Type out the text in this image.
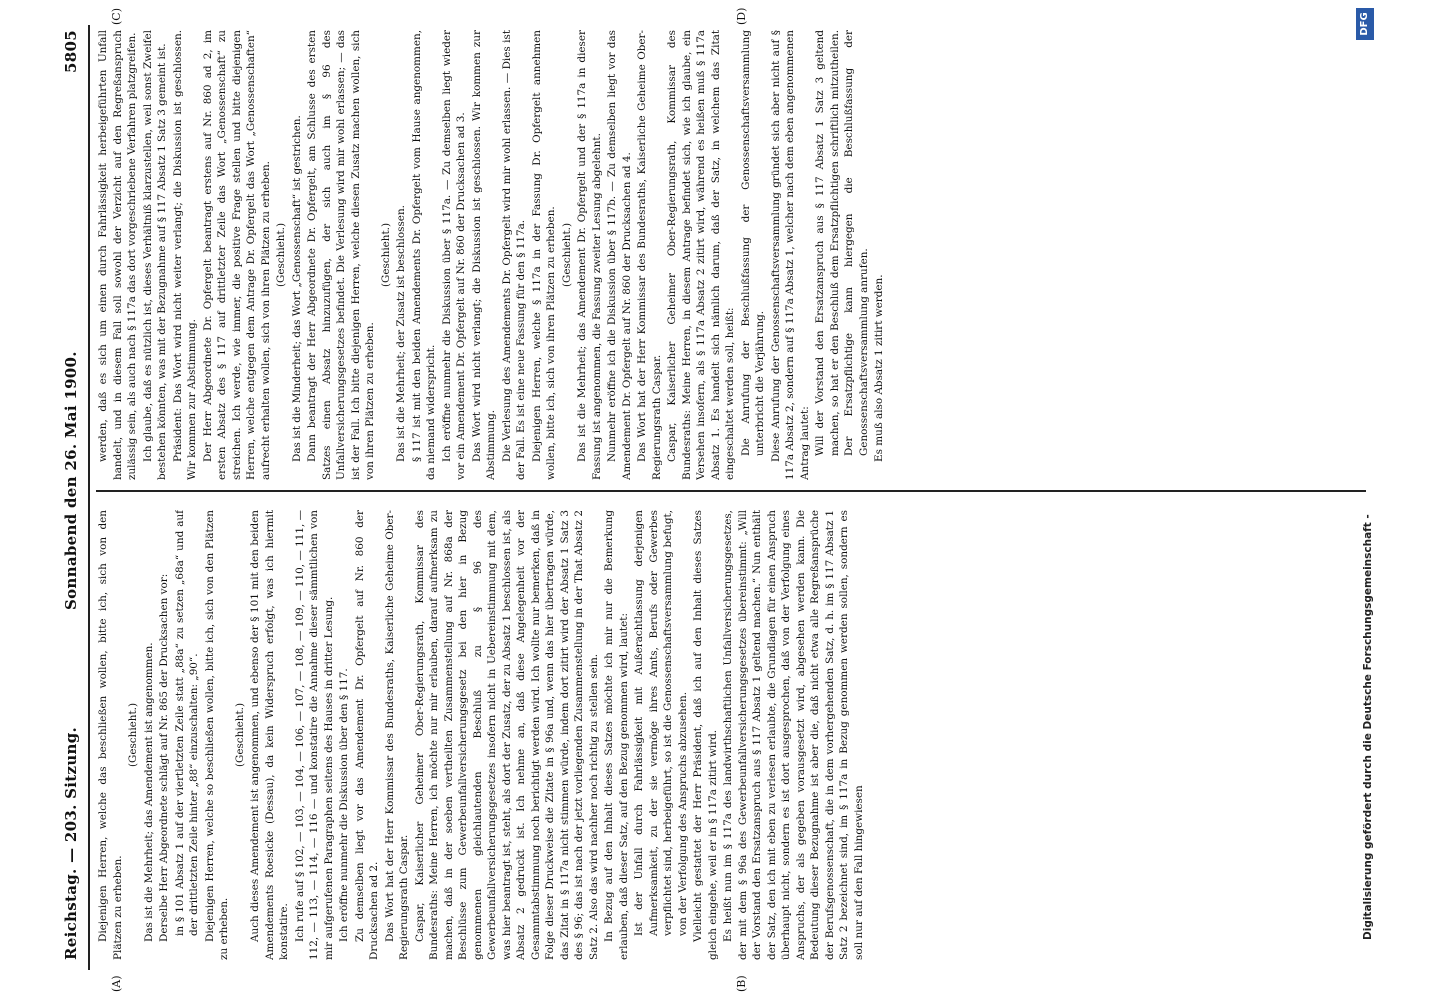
Reichstag. — 203. Sitzung.
Sonnabend den 26. Mai 1900.
5805
(A)	(B)
(C)	(D)

Diejenigen Herren, welche das beschließen wollen, bitte ich, sich von den Plätzen zu erheben.

(Geschieht.) Das ist die Mehrheit; das Amendement ist angenommen. Derselbe Herr Abgeordnete schlägt auf Nr. 865 der Drucksachen vor: in § 101 Absatz 1 auf der viertletzten Zeile statt „88a“ zu setzen „68a“ und auf der drittletzten Zeile hinter „88“ einzuschalten: „90“. Diejenigen Herren, welche so beschließen wollen, bitte ich, sich von den Plätzen zu erheben.

(Geschieht.) Auch dieses Amendement ist angenommen, und ebenso der § 101 mit den beiden Amendements Roesicke (Dessau), da kein Widerspruch erfolgt, was ich hiermit konstatire. Ich rufe auf § 102, — 103, — 104, — 106, — 107, — 108, — 109, — 110, — 111, — 112, — 113, — 114, — 116 — und konstatire die Annahme dieser sämmtlichen von mir aufgerufenen Paragraphen seitens des Hauses in dritter Lesung. Ich eröffne nunmehr die Diskussion über den § 117. Zu demselben liegt vor das Amendement Dr. Opfergelt auf Nr. 860 der Drucksachen ad 2. Das Wort hat der Herr Kommissar des Bundesraths, Kaiserliche Geheime Ober-Regierungsrath Caspar. Caspar, Kaiserlicher Geheimer Ober-Regierungsrath, Kommissar des Bundesraths: Meine Herren, ich möchte nur mir erlauben, darauf aufmerksam zu machen, daß in der soeben vertheilten Zusammenstellung auf Nr. 868a der Beschlüsse zum Gewerbeunfallversicherungsgesetz bei den hier in Bezug genommenen gleichlautenden Beschluß zu § 96 des Gewerbeunfallversicherungsgesetzes insofern nicht in Uebereinstimmung mit dem, was hier beantragt ist, steht, als dort der Zusatz, der zu Absatz 1 beschlossen ist, als Absatz 2 gedruckt ist. Ich nehme an, daß diese Angelegenheit vor der Gesammtabstimmung noch berichtigt werden wird. Ich wollte nur bemerken, daß in Folge dieser Druckweise die Zitate in § 96a und, wenn das hier übertragen würde, das Zitat in § 117a nicht stimmen würde, indem dort zitirt wird der Absatz 1 Satz 3 des § 96; das ist nach der jetzt vorliegenden Zusammenstellung in der That Absatz 2 Satz 2. Also das wird nachher noch richtig zu stellen sein. In Bezug auf den Inhalt dieses Satzes möchte ich mir nur die Bemerkung erlauben, daß dieser Satz, auf den Bezug genommen wird, lautet: Ist der Unfall durch Fahrlässigkeit mit Außerachtlassung derjenigen Aufmerksamkeit, zu der sie vermöge ihres Amts, Berufs oder Gewerbes verpflichtet sind, herbeigeführt, so ist die Genossenschaftsversammlung befugt, von der Verfolgung des Anspruchs abzusehen. Vielleicht gestattet der Herr Präsident, daß ich auf den Inhalt dieses Satzes gleich eingehe, weil er in § 117a zitirt wird. Es heißt nun im § 117a des landwirthschaftlichen Unfallversicherungsgesetzes, der mit dem § 96a des Gewerbeunfallversicherungsgesetzes übereinstimmt: „Will der Vorstand den Ersatzanspruch aus § 117 Absatz 1 geltend machen.“ Nun enthält der Satz, den ich mit eben zu verlesen erlaubte, die Grundlagen für einen Anspruch überhaupt nicht, sondern es ist dort ausgesprochen, daß von der Verfolgung eines Anspruchs, der als gegeben vorausgesetzt wird, abgesehen werden kann. Die Bedeutung dieser Bezugnahme ist aber die, daß nicht etwa alle Regreßansprüche der Berufsgenossenschaft, die in dem vorhergehenden Satz, d. h. im § 117 Absatz 1 Satz 2 bezeichnet sind, im § 117a in Bezug genommen werden sollen, sondern es soll nur auf den Fall hingewiesen

werden, daß es sich um einen durch Fahrlässigkeit herbeigeführten Unfall handelt, und in diesem Fall soll sowohl der Verzicht auf den Regreßanspruch zulässig sein, als auch nach § 117a das dort vorgeschriebene Verfahren platzgreifen. Ich glaube, daß es nützlich ist, dieses Verhältniß klarzustellen, weil sonst Zweifel bestehen könnten, was mit der Bezugnahme auf § 117 Absatz 1 Satz 3 gemeint ist. Präsident: Das Wort wird nicht weiter verlangt; die Diskussion ist geschlossen. Wir kommen zur Abstimmung. Der Herr Abgeordnete Dr. Opfergelt beantragt erstens auf Nr. 860 ad 2, im ersten Absatz des § 117 auf drittletzter Zeile das Wort „Genossenschaft“ zu streichen. Ich werde, wie immer, die positive Frage stellen und bitte diejenigen Herren, welche entgegen dem Antrage Dr. Opfergelt das Wort „Genossenschaften“ aufrecht erhalten wollen, sich von ihren Plätzen zu erheben. (Geschieht.) Das ist die Minderheit; das Wort „Genossenschaft“ ist gestrichen. Dann beantragt der Herr Abgeordnete Dr. Opfergelt, am Schlusse des ersten Satzes einen Absatz hinzuzufügen, der sich auch im § 96 des Unfallversicherungsgesetzes befindet. Die Verlesung wird mir wohl erlassen; — das ist der Fall. Ich bitte diejenigen Herren, welche diesen Zusatz machen wollen, sich von ihren Plätzen zu erheben.

(Geschieht.) Das ist die Mehrheit; der Zusatz ist beschlossen. § 117 ist mit den beiden Amendements Dr. Opfergelt vom Hause angenommen, da niemand widerspricht. Ich eröffne nunmehr die Diskussion über § 117a. — Zu demselben liegt wieder vor ein Amendement Dr. Opfergelt auf Nr. 860 der Drucksachen ad 3. Das Wort wird nicht verlangt; die Diskussion ist geschlossen. Wir kommen zur Abstimmung. Die Verlesung des Amendements Dr. Opfergelt wird mir wohl erlassen. — Dies ist der Fall. Es ist eine neue Fassung für den § 117a. Diejenigen Herren, welche § 117a in der Fassung Dr. Opfergelt annehmen wollen, bitte ich, sich von ihren Plätzen zu erheben. (Geschieht.) Das ist die Mehrheit; das Amendement Dr. Opfergelt und der § 117a in dieser Fassung ist angenommen, die Fassung zweiter Lesung abgelehnt. Nunmehr eröffne ich die Diskussion über § 117b. — Zu demselben liegt vor das Amendement Dr. Opfergelt auf Nr. 860 der Drucksachen ad 4. Das Wort hat der Herr Kommissar des Bundesraths, Kaiserliche Geheime Ober-Regierungsrath Caspar. Caspar, Kaiserlicher Geheimer Ober-Regierungsrath, Kommissar des Bundesraths: Meine Herren, in diesem Antrage befindet sich, wie ich glaube, ein Versehen insofern, als § 117a Absatz 2 zitirt wird, während es heißen muß § 117a Absatz 1. Es handelt sich nämlich darum, daß der Satz, in welchem das Zitat eingeschaltet werden soll, heißt: Die Anrufung der Beschlußfassung der Genossenschaftsversammlung unterbricht die Verjährung. Diese Anrufung der Genossenschaftsversammlung gründet sich aber nicht auf § 117a Absatz 2, sondern auf § 117a Absatz 1, welcher nach dem eben angenommenen Antrag lautet: Will der Vorstand den Ersatzanspruch aus § 117 Absatz 1 Satz 3 geltend machen, so hat er den Beschluß dem Ersatzpflichtigen schriftlich mitzutheilen. Der Ersatzpflichtige kann hiergegen die Beschlußfassung der Genossenschaftsversammlung anrufen. Es muß also Absatz 1 zitirt werden.

Digitalisierung gefördert durch die Deutsche Forschungsgemeinschaft -
DFG
